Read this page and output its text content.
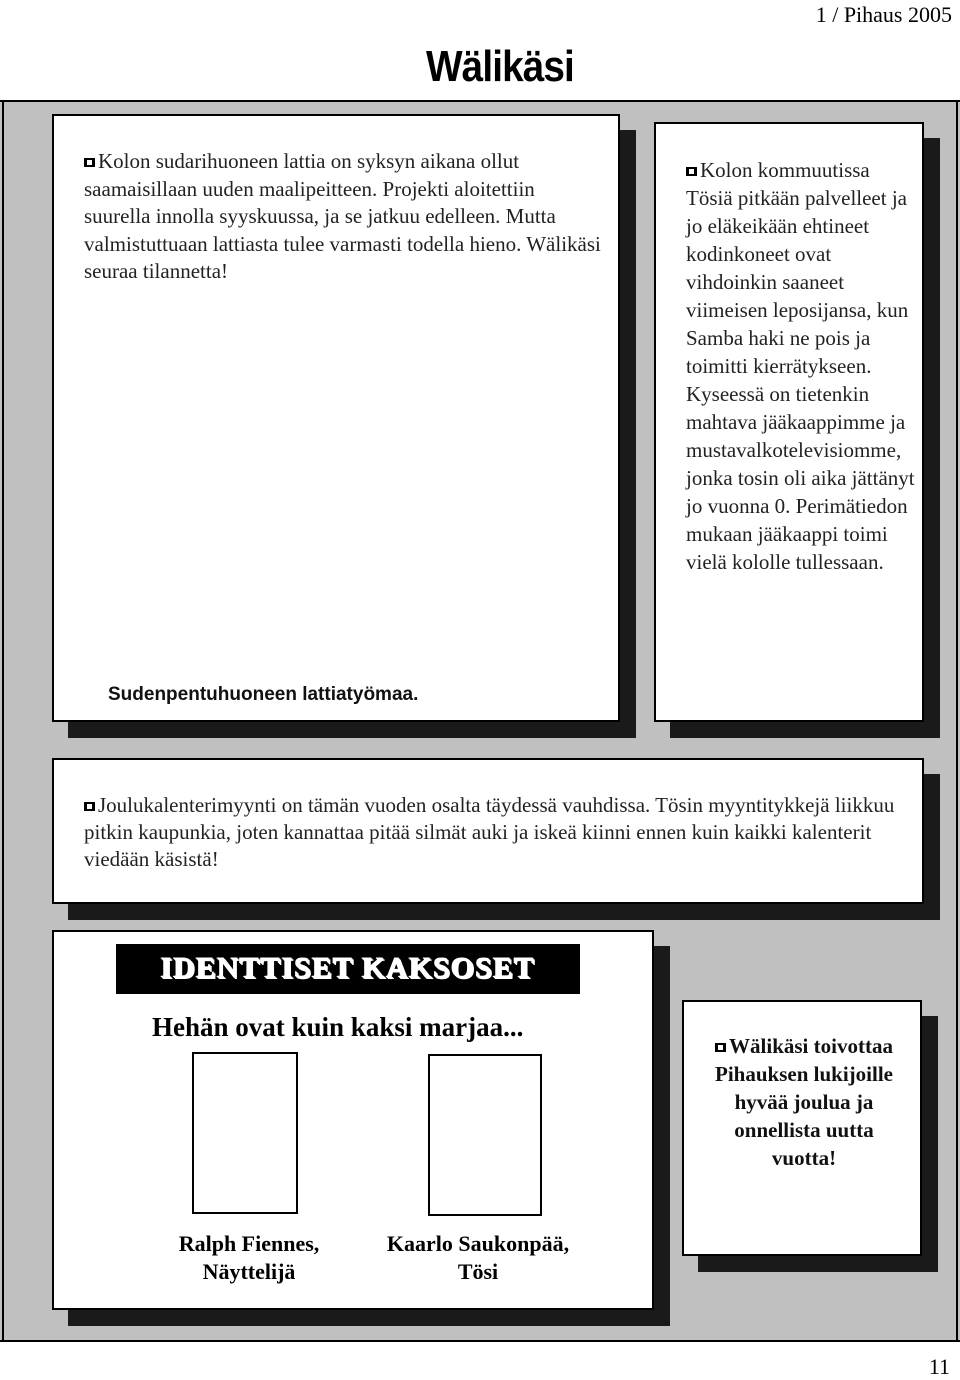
1 / Pihaus 2005
Wälikäsi
Kolon sudarihuoneen lattia on syksyn aikana ollut saamaisillaan uuden maalipeitteen. Projekti aloitettiin suurella innolla syyskuussa, ja se jatkuu edelleen. Mutta valmistuttuaan lattiasta tulee varmasti todella hieno. Wälikäsi seuraa tilannetta!
Sudenpentuhuoneen lattiatyömaa.
Kolon kommuutissa Tösiä pitkään palvelleet ja jo eläkeikään ehtineet kodinkoneet ovat vihdoinkin saaneet viimeisen leposijansa, kun Samba haki ne pois ja toimitti kierrätykseen. Kyseessä on tietenkin mahtava jääkaappimme ja mustavalkotelevisiomme, jonka tosin oli aika jättänyt jo vuonna 0. Perimätiedon mukaan jääkaappi toimi vielä kololle tullessaan.
Joulukalenterimyynti on tämän vuoden osalta täydessä vauhdissa. Tösin myyntitykkejä liikkuu pitkin kaupunkia, joten kannattaa pitää silmät auki ja iskeä kiinni ennen kuin kaikki kalenterit viedään käsistä!
IDENTTISET KAKSOSET
Hehän ovat kuin kaksi marjaa...
Ralph Fiennes, Näyttelijä
Kaarlo Saukonpää, Tösi
Wälikäsi toivottaa Pihauksen lukijoille hyvää joulua ja onnellista uutta vuotta!
11
